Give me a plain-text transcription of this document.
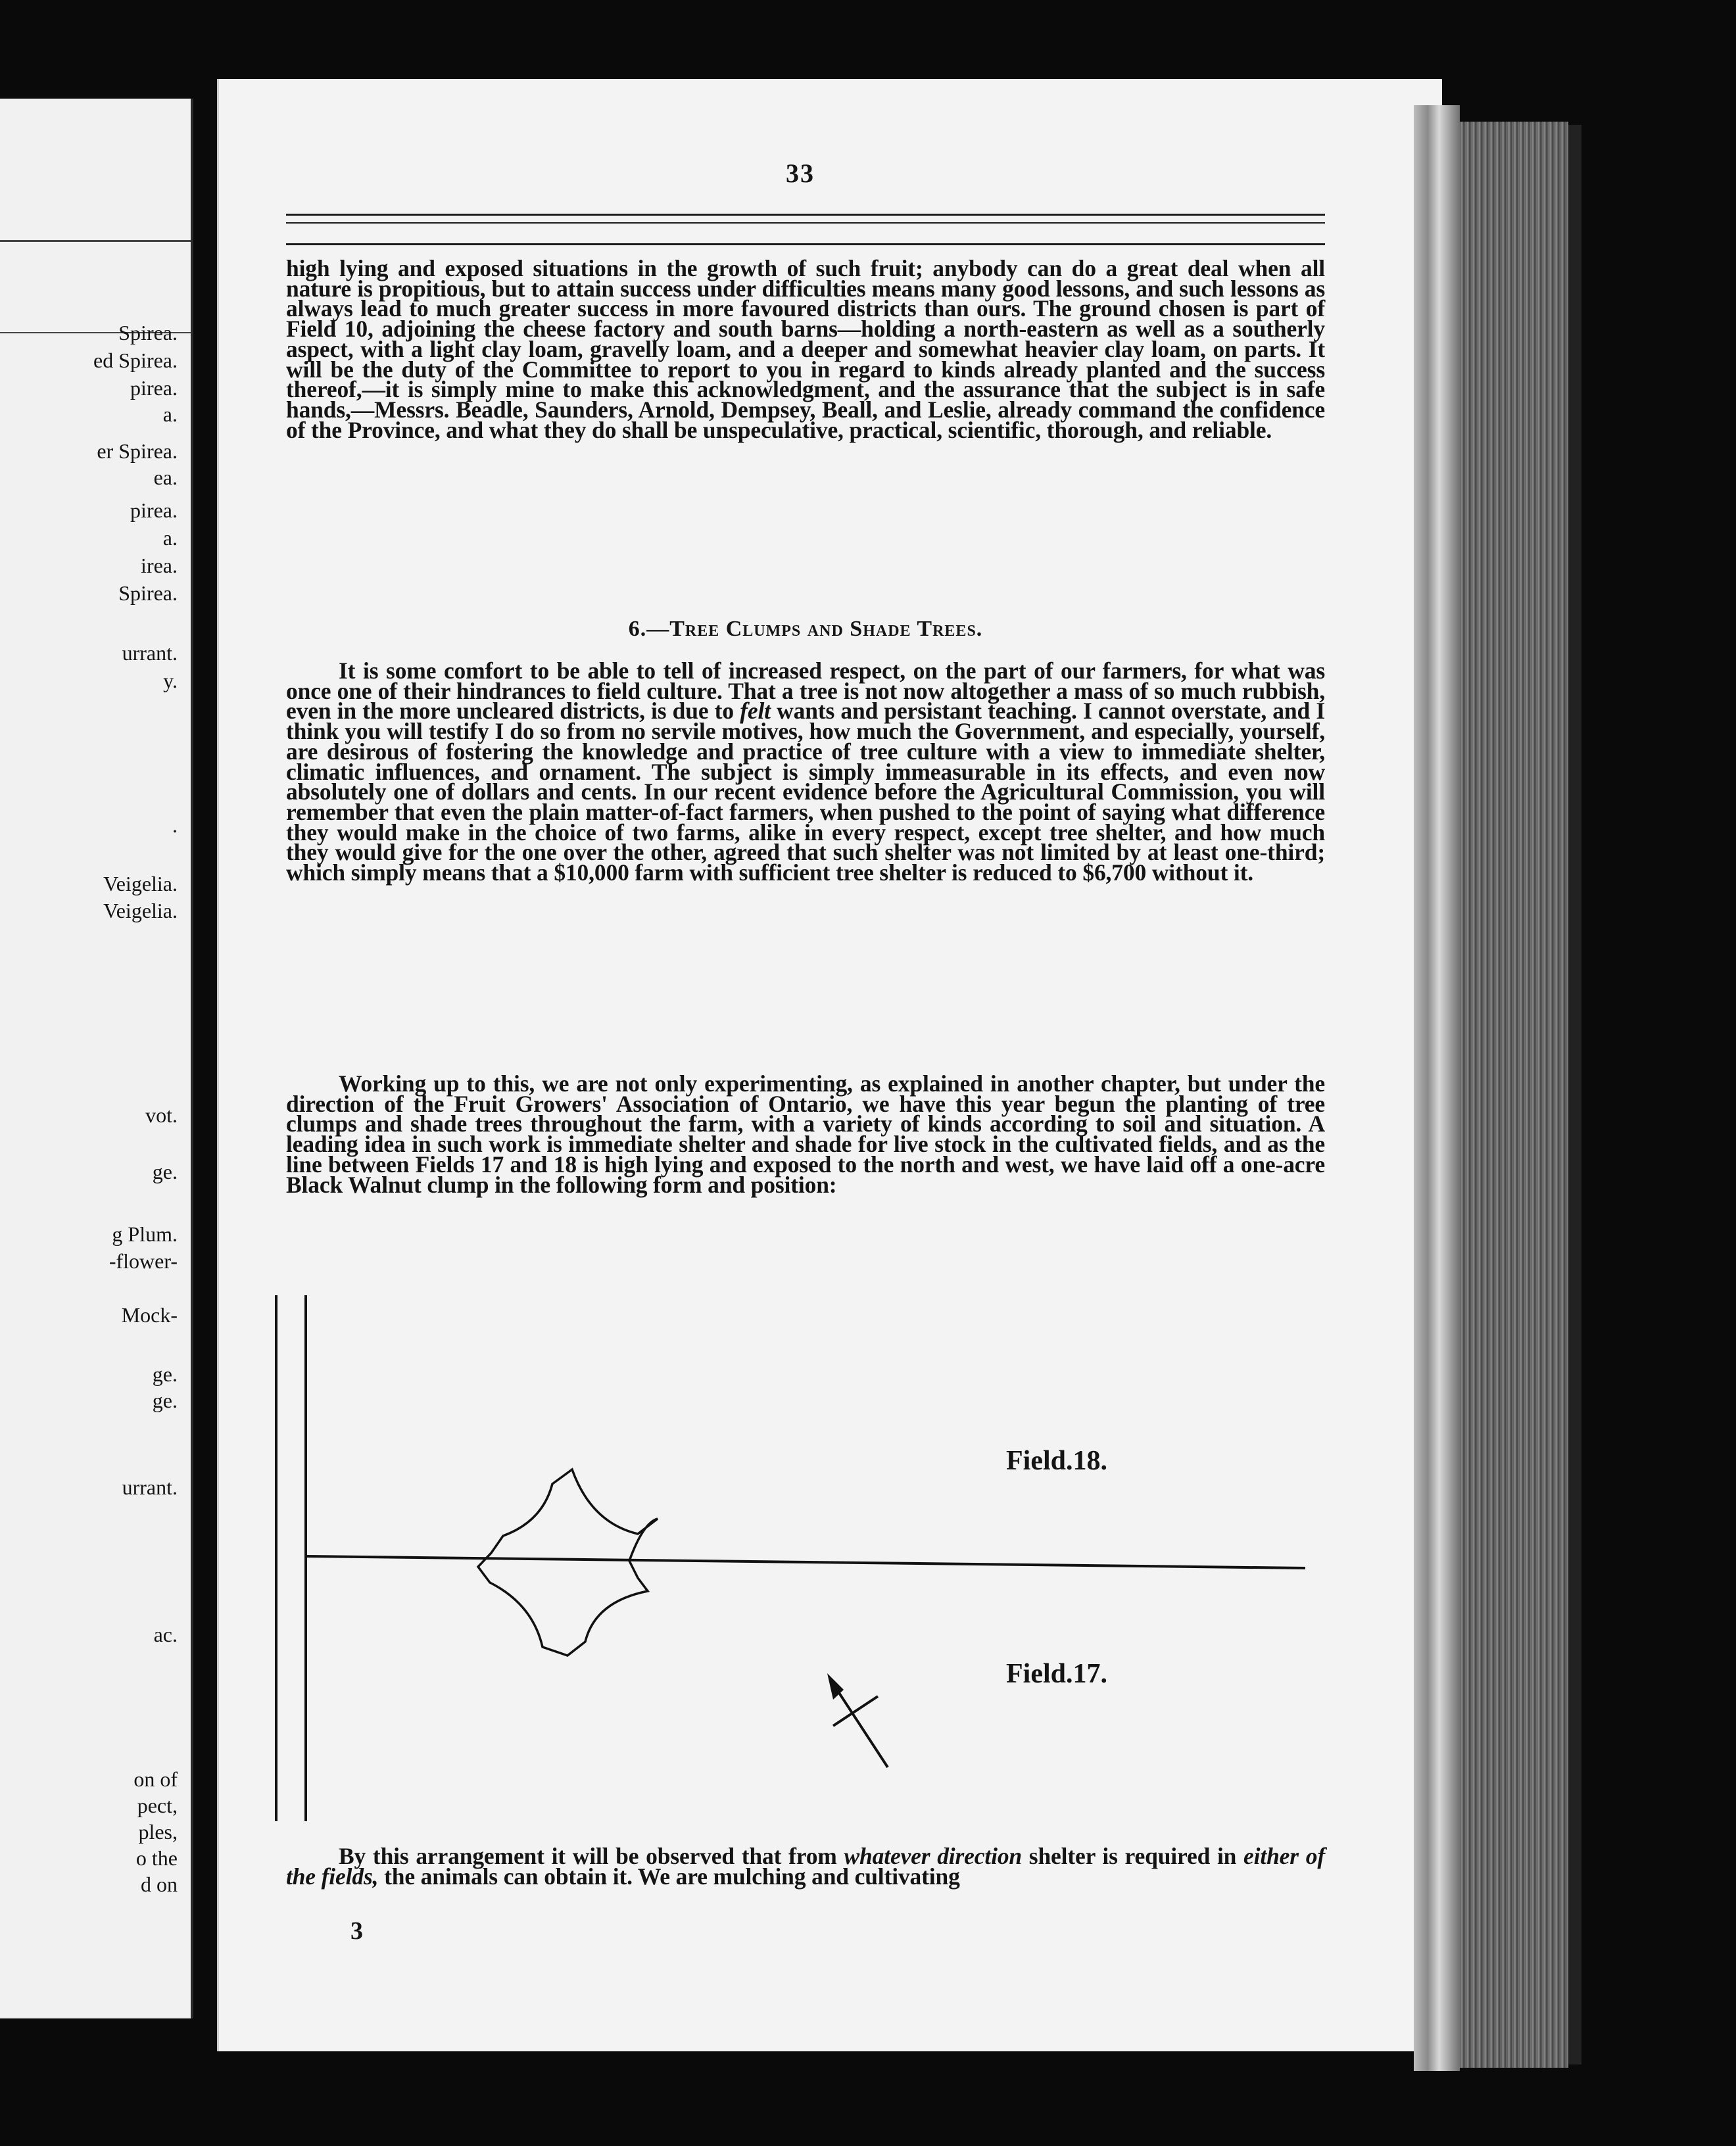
Spirea.
ed Spirea.
pirea.
a.
er Spirea.
ea.
pirea.
a.
irea.
Spirea.
urrant.
y.
.
Veigelia.
Veigelia.
vot.
ge.
g Plum.
-flower-
Mock-
ge.
ge.
urrant.
ac.
on of
pect,
ples,
o the
d on
33

high lying and exposed situations in the growth of such fruit; anybody can do a great deal when all nature is propitious, but to attain success under difficulties means many good lessons, and such lessons as always lead to much greater success in more favoured districts than ours. The ground chosen is part of Field 10, adjoining the cheese factory and south barns—holding a north-eastern as well as a southerly aspect, with a light clay loam, gravelly loam, and a deeper and somewhat heavier clay loam, on parts. It will be the duty of the Committee to report to you in regard to kinds already planted and the success thereof,—it is simply mine to make this acknowledgment, and the assurance that the subject is in safe hands,—Messrs. Beadle, Saunders, Arnold, Dempsey, Beall, and Leslie, already command the confidence of the Province, and what they do shall be unspeculative, practical, scientific, thorough, and reliable.

6.—Tree Clumps and Shade Trees.

It is some comfort to be able to tell of increased respect, on the part of our farmers, for what was once one of their hindrances to field culture. That a tree is not now altogether a mass of so much rubbish, even in the more uncleared districts, is due to felt wants and persistant teaching. I cannot overstate, and I think you will testify I do so from no servile motives, how much the Government, and especially, yourself, are desirous of fostering the knowledge and practice of tree culture with a view to immediate shelter, climatic influences, and ornament. The subject is simply immeasurable in its effects, and even now absolutely one of dollars and cents. In our recent evidence before the Agricultural Commission, you will remember that even the plain matter-of-fact farmers, when pushed to the point of saying what difference they would make in the choice of two farms, alike in every respect, except tree shelter, and how much they would give for the one over the other, agreed that such shelter was not limited by at least one-third; which simply means that a $10,000 farm with sufficient tree shelter is reduced to $6,700 without it.

Working up to this, we are not only experimenting, as explained in another chapter, but under the direction of the Fruit Growers' Association of Ontario, we have this year begun the planting of tree clumps and shade trees throughout the farm, with a variety of kinds according to soil and situation. A leading idea in such work is immediate shelter and shade for live stock in the cultivated fields, and as the line between Fields 17 and 18 is high lying and exposed to the north and west, we have laid off a one-acre Black Walnut clump in the following form and position:

Field.18.
Field.17.

By this arrangement it will be observed that from whatever direction shelter is required in either of the fields, the animals can obtain it. We are mulching and cultivating

3
